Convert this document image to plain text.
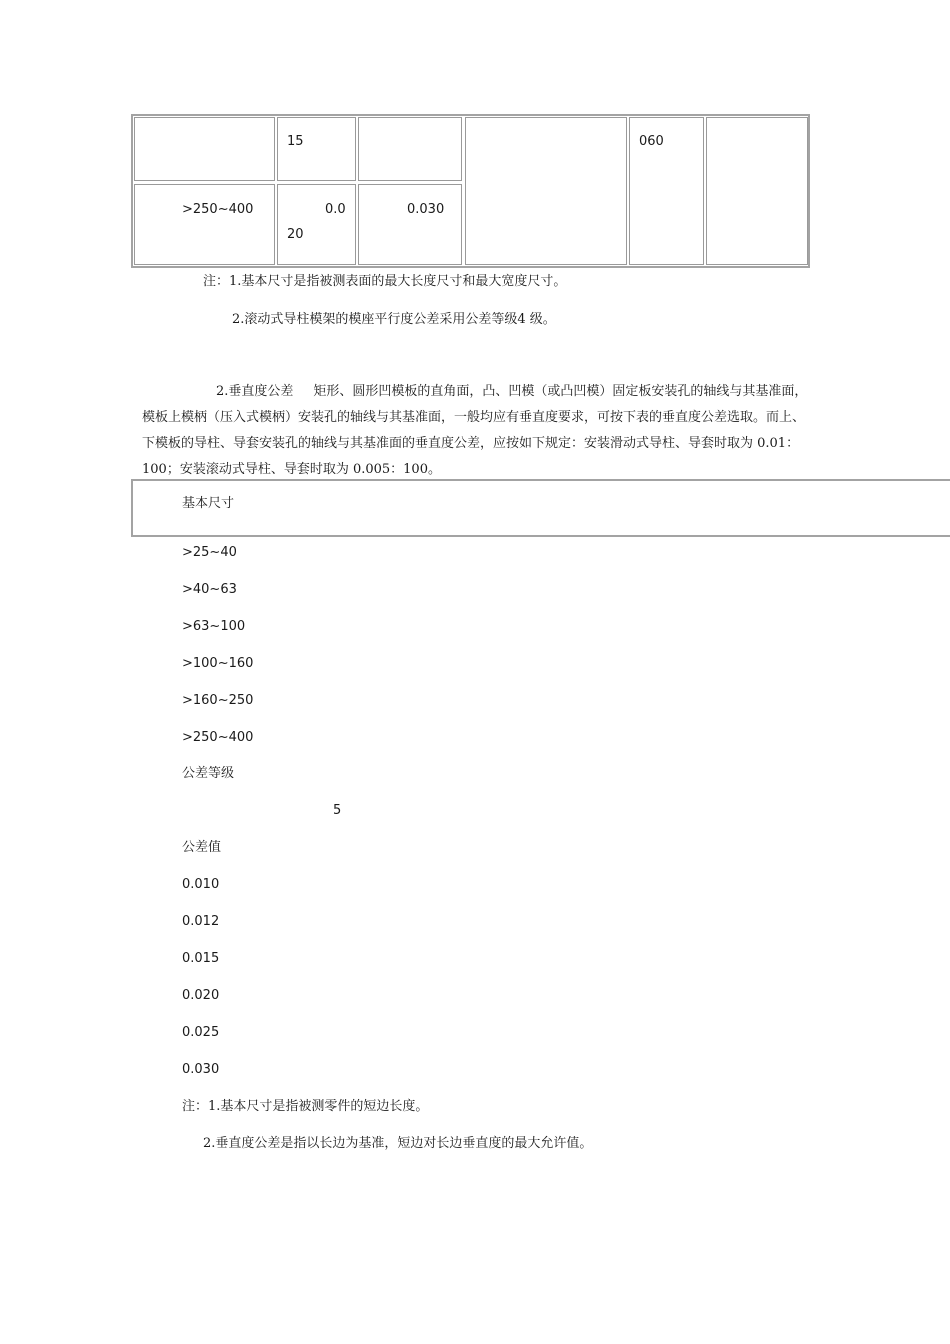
15	060
>250~400	0.0
20
0.030
注：1.基本尺寸是指被测表面的最大长度尺寸和最大宽度尺寸。
2.滚动式导柱模架的模座平行度公差采用公差等级4 级。
2.垂直度公差 矩形、圆形凹模板的直角面，凸、凹模（或凸凹模）固定板安装孔的轴线与其基准面，模板上模柄（压入式模柄）安装孔的轴线与其基准面，一般均应有垂直度要求，可按下表的垂直度公差选取。而上、下模板的导柱、导套安装孔的轴线与其基准面的垂直度公差，应按如下规定：安装滑动式导柱、导套时取为 0.01：100；安装滚动式导柱、导套时取为 0.005：100。
基本尺寸
>25~40
>40~63
>63~100
>100~160
>160~250
>250~400
公差等级
5
公差值
0.010
0.012
0.015
0.020
0.025
0.030
注：1.基本尺寸是指被测零件的短边长度。
2.垂直度公差是指以长边为基准，短边对长边垂直度的最大允许值。
